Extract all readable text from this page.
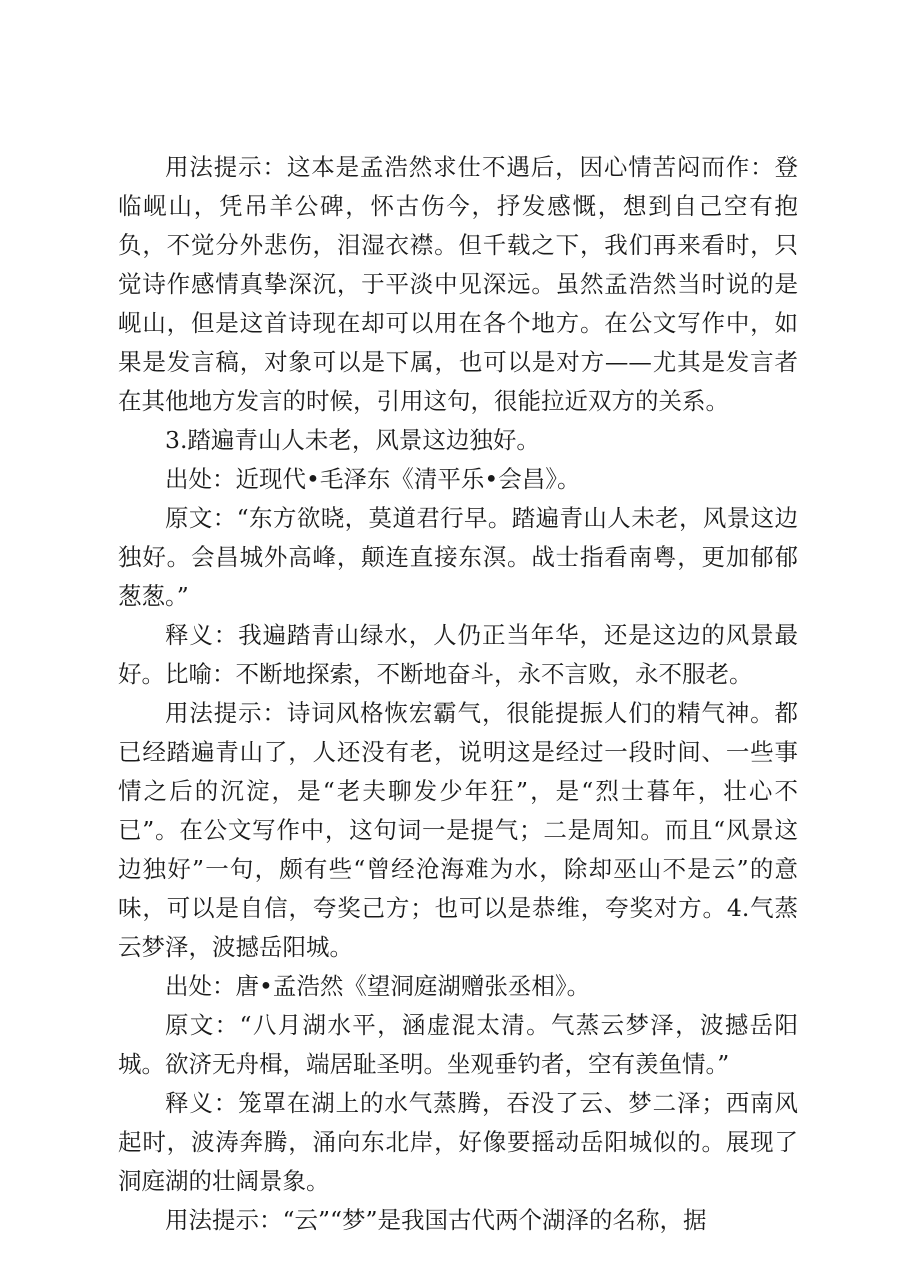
用法提示：这本是孟浩然求仕不遇后，因心情苦闷而作：登临岘山，凭吊羊公碑，怀古伤今，抒发感慨，想到自己空有抱负，不觉分外悲伤，泪湿衣襟。但千载之下，我们再来看时，只觉诗作感情真挚深沉，于平淡中见深远。虽然孟浩然当时说的是岘山，但是这首诗现在却可以用在各个地方。在公文写作中，如果是发言稿，对象可以是下属，也可以是对方——尤其是发言者在其他地方发言的时候，引用这句，很能拉近双方的关系。

3.踏遍青山人未老，风景这边独好。

出处：近现代•毛泽东《清平乐•会昌》。

原文：“东方欲晓，莫道君行早。踏遍青山人未老，风景这边独好。会昌城外高峰，颠连直接东溟。战士指看南粤，更加郁郁葱葱。”

释义：我遍踏青山绿水，人仍正当年华，还是这边的风景最好。比喻：不断地探索，不断地奋斗，永不言败，永不服老。

用法提示：诗词风格恢宏霸气，很能提振人们的精气神。都已经踏遍青山了，人还没有老，说明这是经过一段时间、一些事情之后的沉淀，是“老夫聊发少年狂”，是“烈士暮年，壮心不已”。在公文写作中，这句词一是提气；二是周知。而且“风景这边独好”一句，颇有些“曾经沧海难为水，除却巫山不是云”的意味，可以是自信，夸奖己方；也可以是恭维，夸奖对方。4.气蒸云梦泽，波撼岳阳城。

出处：唐•孟浩然《望洞庭湖赠张丞相》。

原文：“八月湖水平，涵虚混太清。气蒸云梦泽，波撼岳阳城。欲济无舟楫，端居耻圣明。坐观垂钓者，空有羡鱼情。”

释义：笼罩在湖上的水气蒸腾，吞没了云、梦二泽；西南风起时，波涛奔腾，涌向东北岸，好像要摇动岳阳城似的。展现了洞庭湖的壮阔景象。

用法提示：“云”“梦”是我国古代两个湖泽的名称，据
